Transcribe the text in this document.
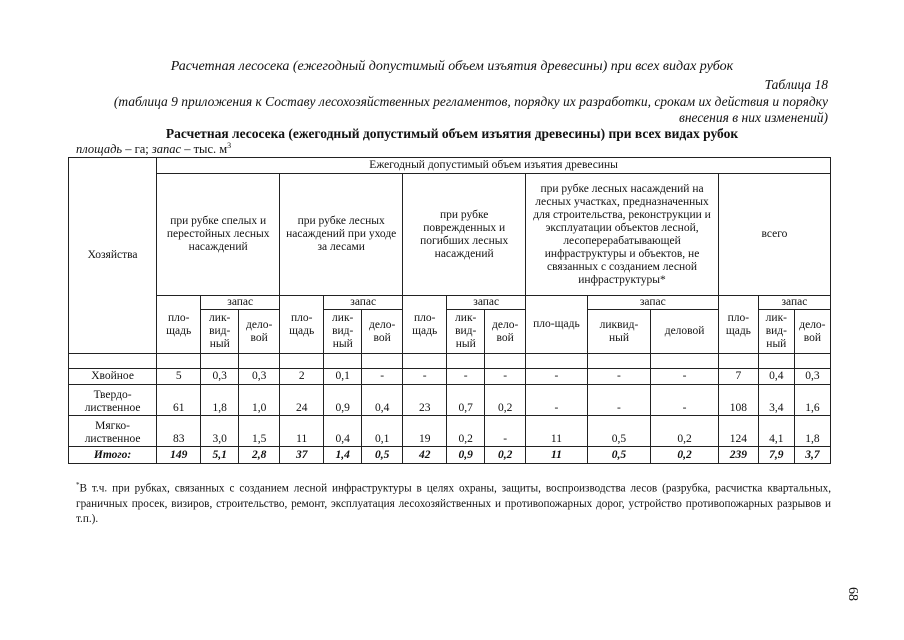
Расчетная лесосека (ежегодный допустимый объем изъятия древесины) при всех видах рубок
Таблица 18
(таблица 9 приложения к Составу лесохозяйственных регламентов, порядку их разработки, срокам их действия и порядку внесения в них изменений)
Расчетная лесосека (ежегодный допустимый объем изъятия древесины) при всех видах рубок
площадь – га; запас – тыс. $м^3$
Хозяйства	Ежегодный допустимый объем изъятия древесины														
	при рубке спелых и перестойных лесных насаждений			при рубке лесных насаждений при уходе за лесами			при рубке поврежденных и погибших лесных насаждений			при рубке лесных насаждений на лесных участках, предназначенных для строительства, реконструкции и эксплуатации объектов лесной, лесоперерабатывающей инфраструктуры и объектов, не связанных с созданием лесной инфраструктуры*			всего		
	пло-щадь	запас		пло-щадь	запас		пло-щадь	запас		пло-щадь	запас		пло-щадь	запас	
		лик-вид-ный	дело-вой		лик-вид-ный	дело-вой		лик-вид-ный	дело-вой		ликвид-ный	деловой		лик-вид-ный	дело-вой

Хвойное	5	0,3	0,3	2	0,1	-	-	-	-	-	-	-	7	0,4	0,3
Твердо-лиственное	61	1,8	1,0	24	0,9	0,4	23	0,7	0,2	-	-	-	108	3,4	1,6
Мягко-лиственное	83	3,0	1,5	11	0,4	0,1	19	0,2	-	11	0,5	0,2	124	4,1	1,8
Итого:	149	5,1	2,8	37	1,4	0,5	42	0,9	0,2	11	0,5	0,2	239	7,9	3,7
*В т.ч. при рубках, связанных с созданием лесной инфраструктуры в целях охраны, защиты, воспроизводства лесов (разрубка, расчистка квартальных, граничных просек, визиров, строительство, ремонт, эксплуатация лесохозяйственных и противопожарных дорог, устройство противопожарных разрывов и т.п.).
68
